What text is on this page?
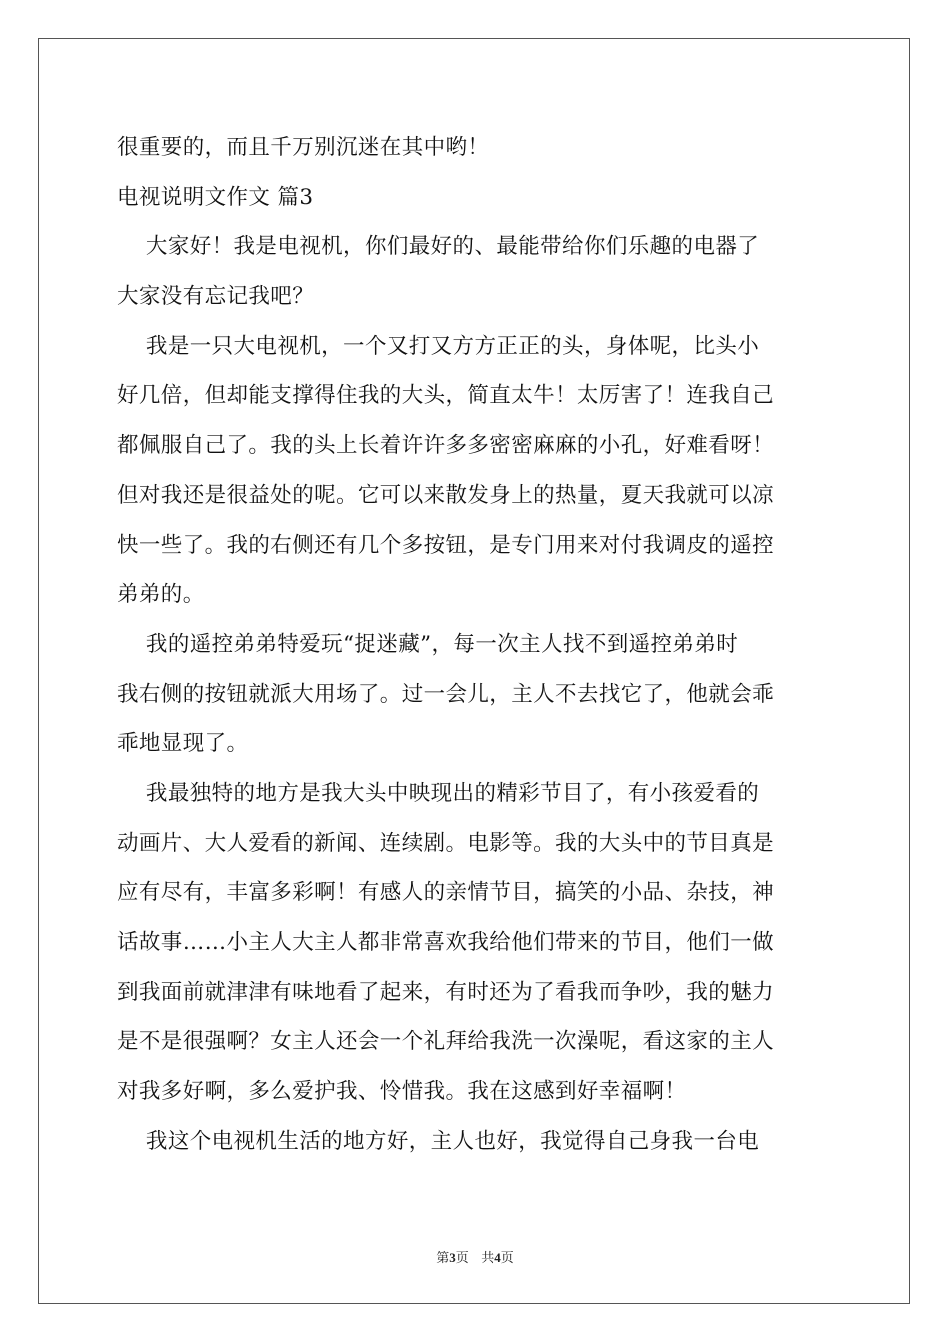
很重要的，而且千万别沉迷在其中哟！
电视说明文作文 篇3
大家好！我是电视机，你们最好的、最能带给你们乐趣的电器了
大家没有忘记我吧？
我是一只大电视机，一个又打又方方正正的头，身体呢，比头小
好几倍，但却能支撑得住我的大头，简直太牛！太厉害了！连我自己
都佩服自己了。我的头上长着许许多多密密麻麻的小孔，好难看呀！
但对我还是很益处的呢。它可以来散发身上的热量，夏天我就可以凉
快一些了。我的右侧还有几个多按钮，是专门用来对付我调皮的遥控
弟弟的。
我的遥控弟弟特爱玩“捉迷藏”，每一次主人找不到遥控弟弟时
我右侧的按钮就派大用场了。过一会儿，主人不去找它了，他就会乖
乖地显现了。
我最独特的地方是我大头中映现出的精彩节目了，有小孩爱看的
动画片、大人爱看的新闻、连续剧。电影等。我的大头中的节目真是
应有尽有，丰富多彩啊！有感人的亲情节目，搞笑的小品、杂技，神
话故事……小主人大主人都非常喜欢我给他们带来的节目，他们一做
到我面前就津津有味地看了起来，有时还为了看我而争吵，我的魅力
是不是很强啊？女主人还会一个礼拜给我洗一次澡呢，看这家的主人
对我多好啊，多么爱护我、怜惜我。我在这感到好幸福啊！
我这个电视机生活的地方好，主人也好，我觉得自己身我一台电
第3页   共4页
